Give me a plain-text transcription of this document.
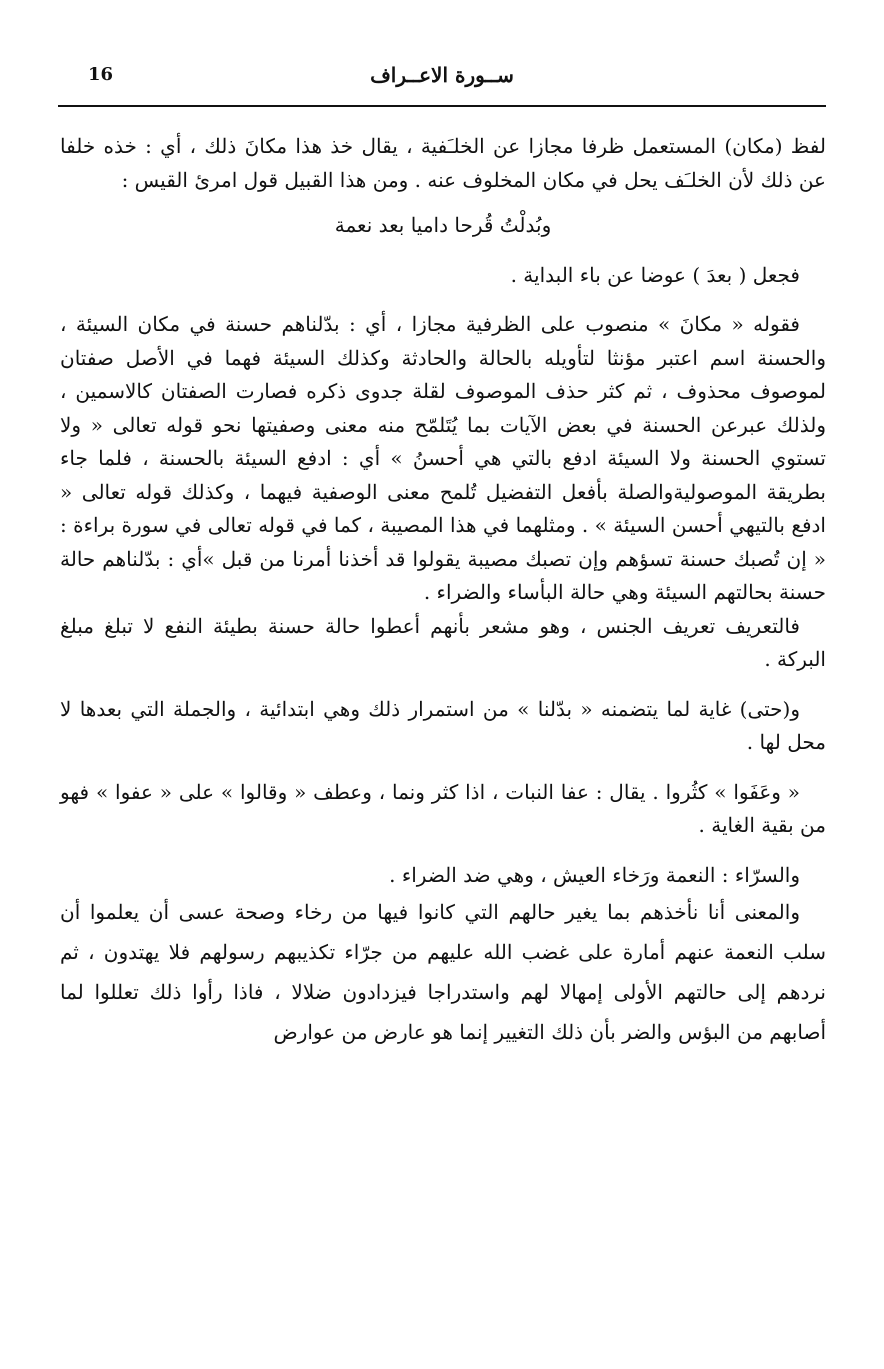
ســورة الاعــراف
16

لفظ (مكان) المستعمل ظرفا مجازا عن الخلـَفية ، يقال خذ هذا مكانَ ذلك ، أي : خذه خلفا عن ذلك لأن الخلـَف يحل في مكان المخلوف عنه . ومن هذا القبيل قول امرئ القيس :

وبُدلْتُ قُرحا داميا بعد نعمة

فجعل ( بعدَ ) عوضا عن باء البداية .

فقوله « مكانَ » منصوب على الظرفية مجازا ، أي : بدّلناهم حسنة في مكان السيئة ، والحسنة اسم اعتبر مؤنثا لتأويله بالحالة والحادثة وكذلك السيئة فهما في الأصل صفتان لموصوف محذوف ، ثم كثر حذف الموصوف لقلة جدوى ذكره فصارت الصفتان كالاسمين ، ولذلك عبرعن الحسنة في بعض الآيات بما يُتَلمّح منه معنى وصفيتها نحو قوله تعالى « ولا تستوي الحسنة ولا السيئة ادفع بالتي هي أحسنُ » أي : ادفع السيئة بالحسنة ، فلما جاء بطريقة الموصوليةوالصلة بأفعل التفضيل تُلمح معنى الوصفية فيهما ، وكذلك قوله تعالى « ادفع بالتيهي أحسن السيئة » . ومثلهما في هذا المصيبة ، كما في قوله تعالى في سورة براءة : « إن تُصبك حسنة تسؤهم وإن تصبك مصيبة يقولوا قد أخذنا أمرنا من قبل »أي : بدّلناهم حالة حسنة بحالتهم السيئة وهي حالة البأساء والضراء .

فالتعريف تعريف الجنس ، وهو مشعر بأنهم أعطوا حالة حسنة بطيئة النفع لا تبلغ مبلغ البركة .

و(حتى) غاية لما يتضمنه « بدّلنا » من استمرار ذلك وهي ابتدائية ، والجملة التي بعدها لا محل لها .

« وعَفَوا » كثُروا . يقال : عفا النبات ، اذا كثر ونما ، وعطف « وقالوا » على « عفوا » فهو من بقية الغاية .

والسرّاء : النعمة ورَخاء العيش ، وهي ضد الضراء .

والمعنى أنا نأخذهم بما يغير حالهم التي كانوا فيها من رخاء وصحة عسى أن يعلموا أن سلب النعمة عنهم أمارة على غضب الله عليهم من جرّاء تكذيبهم رسولهم فلا يهتدون ، ثم نردهم إلى حالتهم الأولى إمهالا لهم واستدراجا فيزدادون ضلالا ، فاذا رأوا ذلك تعللوا لما أصابهم من البؤس والضر بأن ذلك التغيير إنما هو عارض من عوارض
